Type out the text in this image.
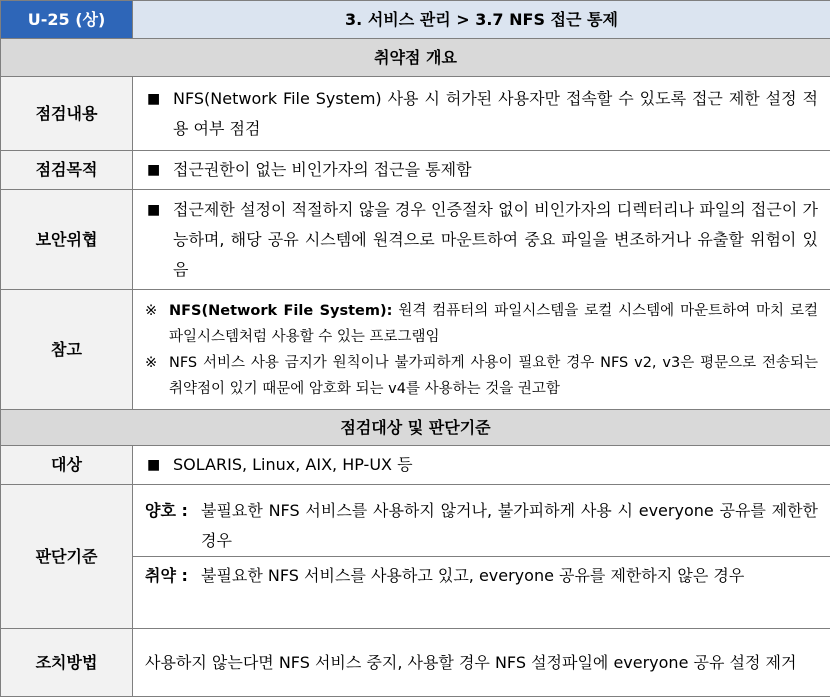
U-25 (상)	3. 서비스 관리 > 3.7 NFS 접근 통제
취약점 개요	
점검내용	■ NFS(Network File System) 사용 시 허가된 사용자만 접속할 수 있도록 접근 제한 설정 적용 여부 점검

점검목적	■ 접근권한이 없는 비인가자의 접근을 통제함

보안위협	■ 접근제한 설정이 적절하지 않을 경우 인증절차 없이 비인가자의 디렉터리나 파일의 접근이 가능하며, 해당 공유 시스템에 원격으로 마운트하여 중요 파일을 변조하거나 유출할 위험이 있음

참고	※ NFS(Network File System): 원격 컴퓨터의 파일시스템을 로컬 시스템에 마운트하여 마치 로컬 파일시스템처럼 사용할 수 있는 프로그램임
※ NFS 서비스 사용 금지가 원칙이나 불가피하게 사용이 필요한 경우 NFS v2, v3은 평문으로 전송되는 취약점이 있기 때문에 암호화 되는 v4를 사용하는 것을 권고함

점검대상 및 판단기준	
대상	■ SOLARIS, Linux, AIX, HP-UX 등

판단기준	양호 : 불필요한 NFS 서비스를 사용하지 않거나, 불가피하게 사용 시 everyone 공유를 제한한 경우
취약 : 불필요한 NFS 서비스를 사용하고 있고, everyone 공유를 제한하지 않은 경우

조치방법	사용하지 않는다면 NFS 서비스 중지, 사용할 경우 NFS 설정파일에 everyone 공유 설정 제거
